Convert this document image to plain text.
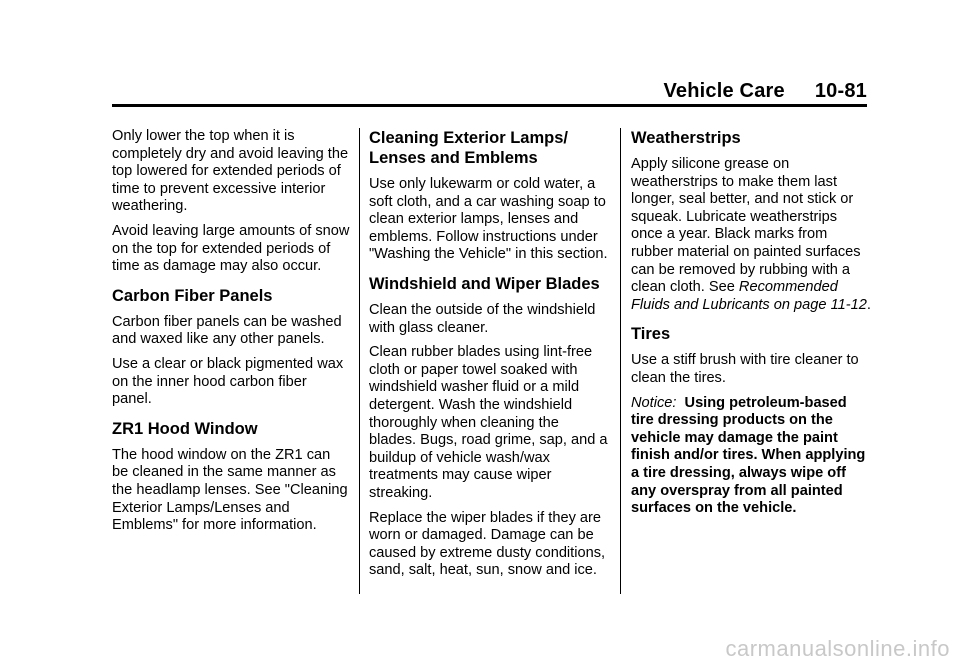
Vehicle Care 10-81

Only lower the top when it is completely dry and avoid leaving the top lowered for extended periods of time to prevent excessive interior weathering.

Avoid leaving large amounts of snow on the top for extended periods of time as damage may also occur.

Carbon Fiber Panels

Carbon fiber panels can be washed and waxed like any other panels.

Use a clear or black pigmented wax on the inner hood carbon fiber panel.

ZR1 Hood Window

The hood window on the ZR1 can be cleaned in the same manner as the headlamp lenses. See "Cleaning Exterior Lamps/Lenses and Emblems" for more information.

Cleaning Exterior Lamps/ Lenses and Emblems

Use only lukewarm or cold water, a soft cloth, and a car washing soap to clean exterior lamps, lenses and emblems. Follow instructions under "Washing the Vehicle" in this section.

Windshield and Wiper Blades

Clean the outside of the windshield with glass cleaner.

Clean rubber blades using lint-free cloth or paper towel soaked with windshield washer fluid or a mild detergent. Wash the windshield thoroughly when cleaning the blades. Bugs, road grime, sap, and a buildup of vehicle wash/wax treatments may cause wiper streaking.

Replace the wiper blades if they are worn or damaged. Damage can be caused by extreme dusty conditions, sand, salt, heat, sun, snow and ice.

Weatherstrips

Apply silicone grease on weatherstrips to make them last longer, seal better, and not stick or squeak. Lubricate weatherstrips once a year. Black marks from rubber material on painted surfaces can be removed by rubbing with a clean cloth. See Recommended Fluids and Lubricants on page 11-12.

Tires

Use a stiff brush with tire cleaner to clean the tires.

Notice: Using petroleum-based tire dressing products on the vehicle may damage the paint finish and/or tires. When applying a tire dressing, always wipe off any overspray from all painted surfaces on the vehicle.

carmanualsonline.info
